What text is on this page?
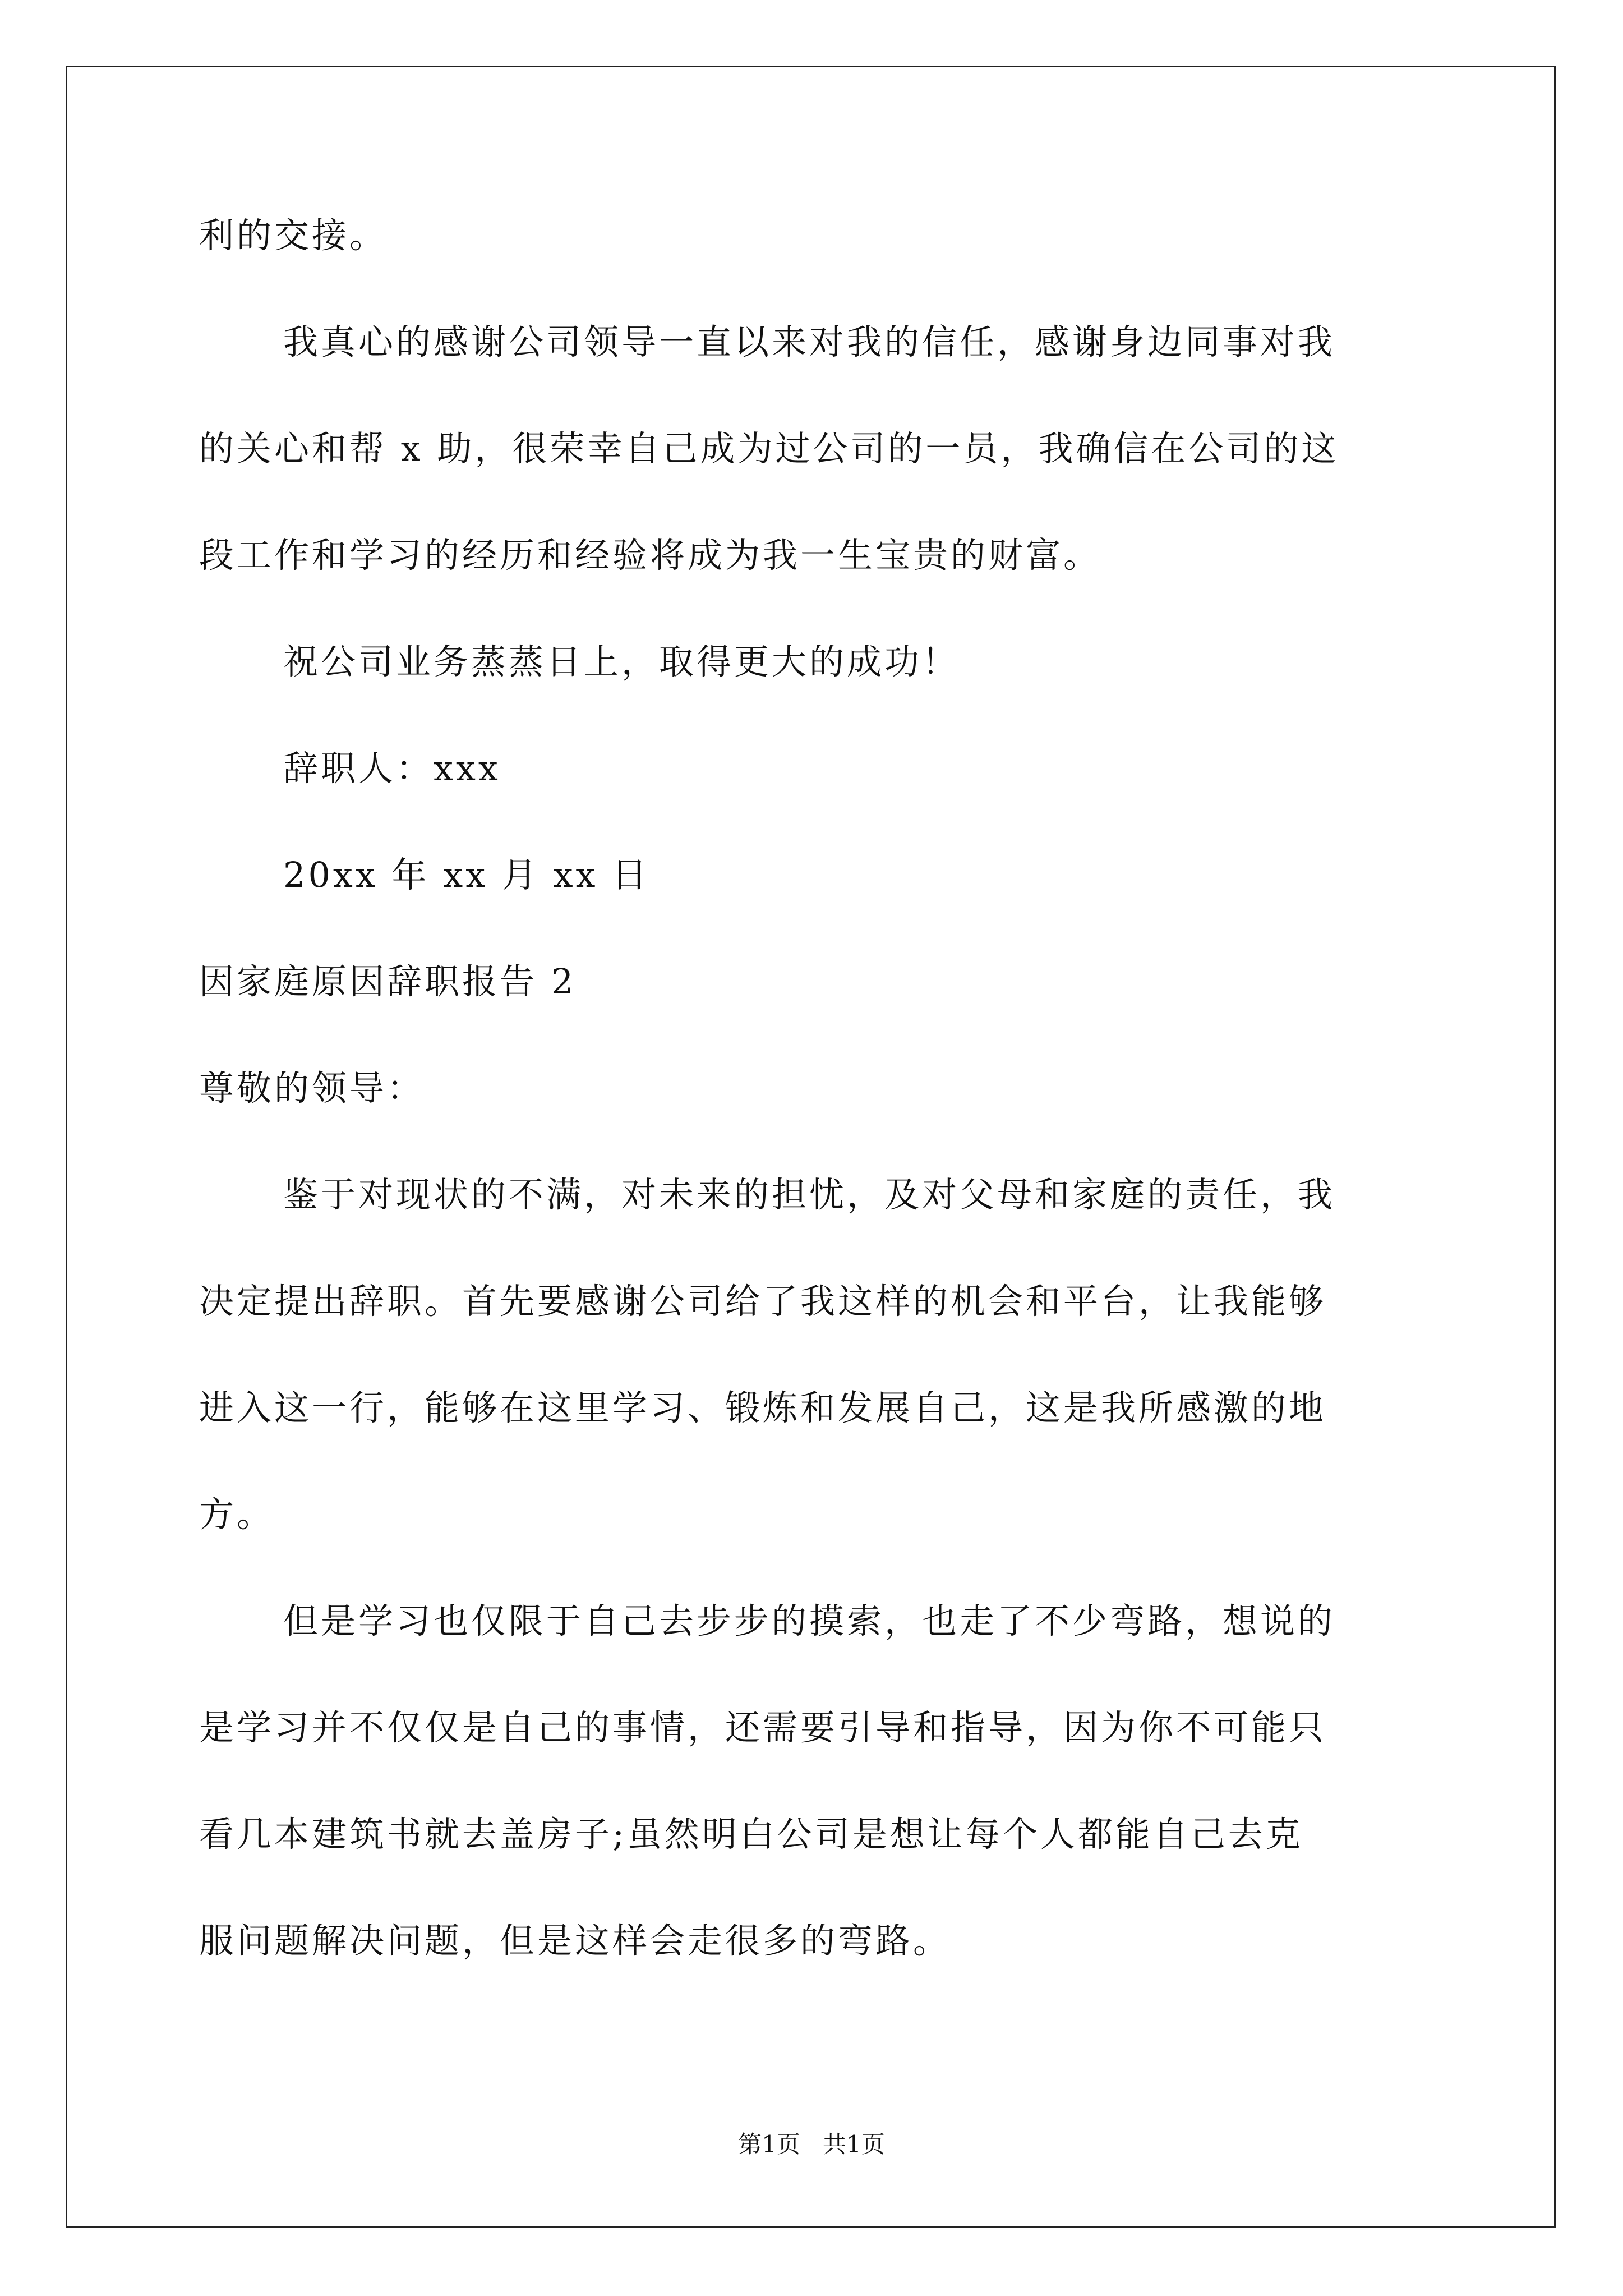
利的交接。
我真心的感谢公司领导一直以来对我的信任，感谢身边同事对我
的关心和帮 x 助，很荣幸自己成为过公司的一员，我确信在公司的这
段工作和学习的经历和经验将成为我一生宝贵的财富。
祝公司业务蒸蒸日上，取得更大的成功！
辞职人：xxx
20xx 年 xx 月 xx 日
因家庭原因辞职报告 2
尊敬的领导：
鉴于对现状的不满，对未来的担忧，及对父母和家庭的责任，我
决定提出辞职。首先要感谢公司给了我这样的机会和平台，让我能够
进入这一行，能够在这里学习、锻炼和发展自己，这是我所感激的地
方。
但是学习也仅限于自己去步步的摸索，也走了不少弯路，想说的
是学习并不仅仅是自己的事情，还需要引导和指导，因为你不可能只
看几本建筑书就去盖房子;虽然明白公司是想让每个人都能自己去克
服问题解决问题，但是这样会走很多的弯路。
第1页   共1页
